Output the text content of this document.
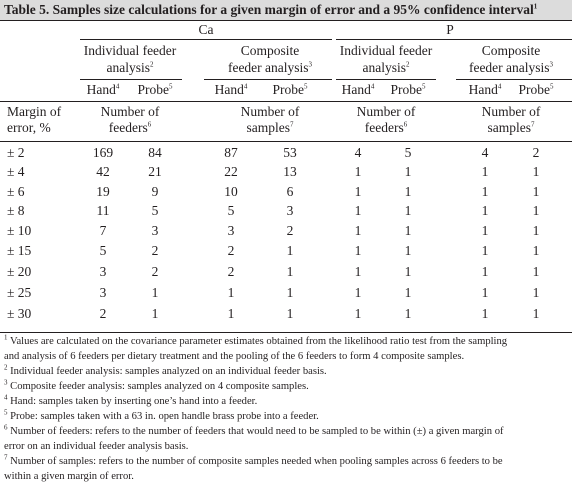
Table 5. Samples size calculations for a given margin of error and a 95% confidence interval$^1$
Ca	P
Individual feeder
analysis$^2$
Composite
feeder analysis$^3$
Individual feeder
analysis$^2$
Composite
feeder analysis$^3$
Hand$^4$ Probe$^5$	Hand$^4$ Probe$^5$	Hand$^4$ Probe$^5$	Hand$^4$ Probe$^5$
Margin of
error, %
Number of
feeders$^6$
Number of
samples$^7$
Number of
feeders$^6$
Number of
samples$^7$
± 2	169	84	87	53	4	5	4	2
± 4	42	21	22	13	1	1	1	1
± 6	19	9	10	6	1	1	1	1
± 8	11	5	5	3	1	1	1	1
± 10	7	3	3	2	1	1	1	1
± 15	5	2	2	1	1	1	1	1
± 20	3	2	2	1	1	1	1	1
± 25	3	1	1	1	1	1	1	1
± 30	2	1	1	1	1	1	1	1
$^1$ Values are calculated on the covariance parameter estimates obtained from the likelihood ratio test from the sampling
and analysis of 6 feeders per dietary treatment and the pooling of the 6 feeders to form 4 composite samples.
$^2$ Individual feeder analysis: samples analyzed on an individual feeder basis.
$^3$ Composite feeder analysis: samples analyzed on 4 composite samples.
$^4$ Hand: samples taken by inserting one’s hand into a feeder.
$^5$ Probe: samples taken with a 63 in. open handle brass probe into a feeder.
$^6$ Number of feeders: refers to the number of feeders that would need to be sampled to be within (±) a given margin of
error on an individual feeder analysis basis.
$^7$ Number of samples: refers to the number of composite samples needed when pooling samples across 6 feeders to be
within a given margin of error.
